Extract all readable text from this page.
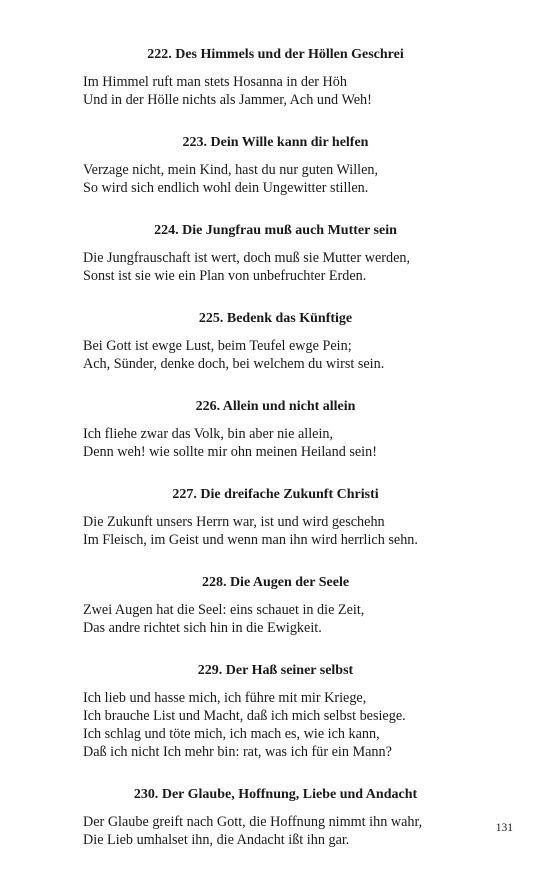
222. Des Himmels und der Höllen Geschrei
Im Himmel ruft man stets Hosanna in der Höh
Und in der Hölle nichts als Jammer, Ach und Weh!
223. Dein Wille kann dir helfen
Verzage nicht, mein Kind, hast du nur guten Willen,
So wird sich endlich wohl dein Ungewitter stillen.
224. Die Jungfrau muß auch Mutter sein
Die Jungfrauschaft ist wert, doch muß sie Mutter werden,
Sonst ist sie wie ein Plan von unbefruchter Erden.
225. Bedenk das Künftige
Bei Gott ist ewge Lust, beim Teufel ewge Pein;
Ach, Sünder, denke doch, bei welchem du wirst sein.
226. Allein und nicht allein
Ich fliehe zwar das Volk, bin aber nie allein,
Denn weh! wie sollte mir ohn meinen Heiland sein!
227. Die dreifache Zukunft Christi
Die Zukunft unsers Herrn war, ist und wird geschehn
Im Fleisch, im Geist und wenn man ihn wird herrlich sehn.
228. Die Augen der Seele
Zwei Augen hat die Seel: eins schauet in die Zeit,
Das andre richtet sich hin in die Ewigkeit.
229. Der Haß seiner selbst
Ich lieb und hasse mich, ich führe mit mir Kriege,
Ich brauche List und Macht, daß ich mich selbst besiege.
Ich schlag und töte mich, ich mach es, wie ich kann,
Daß ich nicht Ich mehr bin: rat, was ich für ein Mann?
230. Der Glaube, Hoffnung, Liebe und Andacht
Der Glaube greift nach Gott, die Hoffnung nimmt ihn wahr,
Die Lieb umhalset ihn, die Andacht ißt ihn gar.
131
